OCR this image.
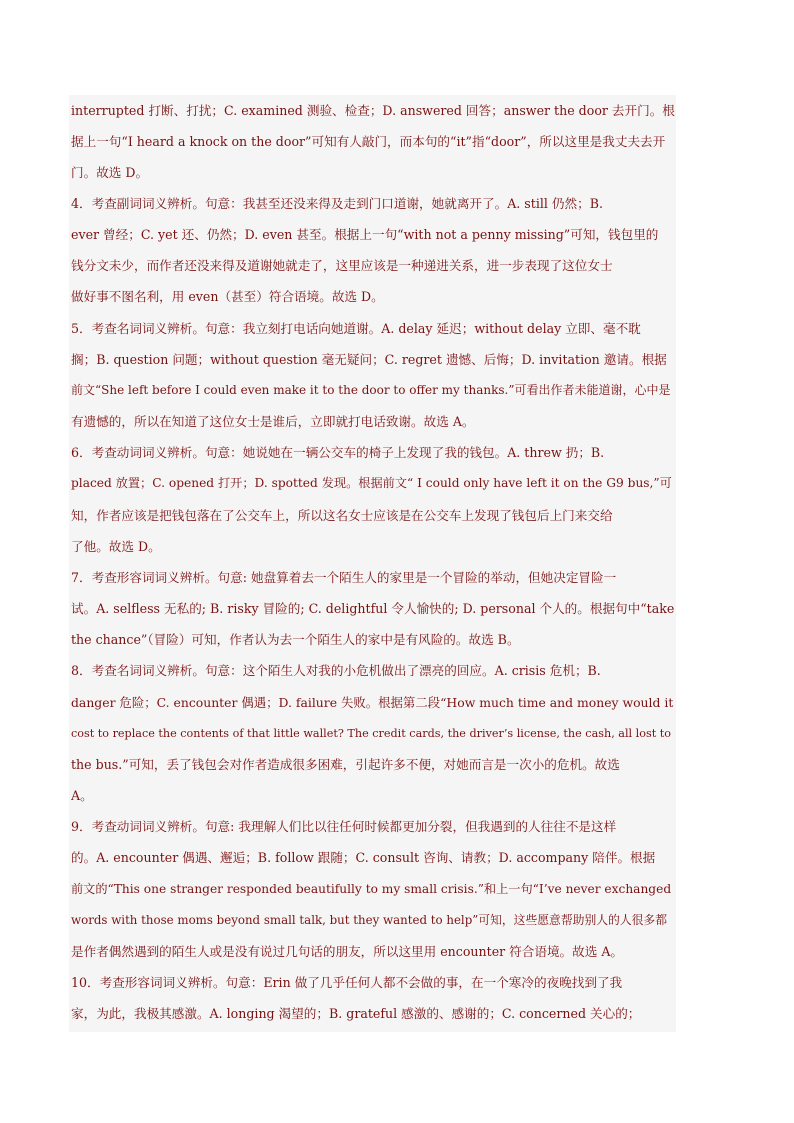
interrupted 打断、打扰；C. examined 测验、检查；D. answered 回答；answer the door 去开门。根
据上一句“I heard a knock on the door”可知有人敲门，而本句的“it”指“door”，所以这里是我丈夫去开
门。故选 D。
4．考查副词词义辨析。句意：我甚至还没来得及走到门口道谢，她就离开了。A. still 仍然；B.
ever 曾经；C. yet 还、仍然；D. even 甚至。根据上一句“with not a penny missing”可知，钱包里的
钱分文未少，而作者还没来得及道谢她就走了，这里应该是一种递进关系，进一步表现了这位女士
做好事不图名利，用 even（甚至）符合语境。故选 D。
5．考查名词词义辨析。句意：我立刻打电话向她道谢。A. delay 延迟；without delay 立即、毫不耽
搁；B. question 问题；without question 毫无疑问；C. regret 遗憾、后悔；D. invitation 邀请。根据
前文“She left before I could even make it to the door to offer my thanks.”可看出作者未能道谢，心中是
有遗憾的，所以在知道了这位女士是谁后，立即就打电话致谢。故选 A。
6．考查动词词义辨析。句意：她说她在一辆公交车的椅子上发现了我的钱包。A. threw 扔；B.
placed 放置；C. opened 打开；D. spotted 发现。根据前文“ I could only have left it on the G9 bus,”可
知，作者应该是把钱包落在了公交车上，所以这名女士应该是在公交车上发现了钱包后上门来交给
了他。故选 D。
7．考查形容词词义辨析。句意: 她盘算着去一个陌生人的家里是一个冒险的举动，但她决定冒险一
试。A. selfless 无私的; B. risky 冒险的; C. delightful 令人愉快的; D. personal 个人的。根据句中“take
the chance”（冒险）可知，作者认为去一个陌生人的家中是有风险的。故选 B。
8．考查名词词义辨析。句意：这个陌生人对我的小危机做出了漂亮的回应。A. crisis 危机；B.
danger 危险；C. encounter 偶遇；D. failure 失败。根据第二段“How much time and money would it
cost to replace the contents of that little wallet? The credit cards, the driver’s license, the cash, all lost to
the bus.”可知，丢了钱包会对作者造成很多困难，引起许多不便，对她而言是一次小的危机。故选
A。
9．考查动词词义辨析。句意: 我理解人们比以往任何时候都更加分裂，但我遇到的人往往不是这样
的。A. encounter 偶遇、邂逅；B. follow 跟随；C. consult 咨询、请教；D. accompany 陪伴。根据
前文的“This one stranger responded beautifully to my small crisis.”和上一句“I’ve never exchanged
words with those moms beyond small talk, but they wanted to help”可知，这些愿意帮助别人的人很多都
是作者偶然遇到的陌生人或是没有说过几句话的朋友，所以这里用 encounter 符合语境。故选 A。
10．考查形容词词义辨析。句意：Erin 做了几乎任何人都不会做的事，在一个寒冷的夜晚找到了我
家，为此，我极其感激。A. longing 渴望的；B. grateful 感激的、感谢的；C. concerned 关心的；
